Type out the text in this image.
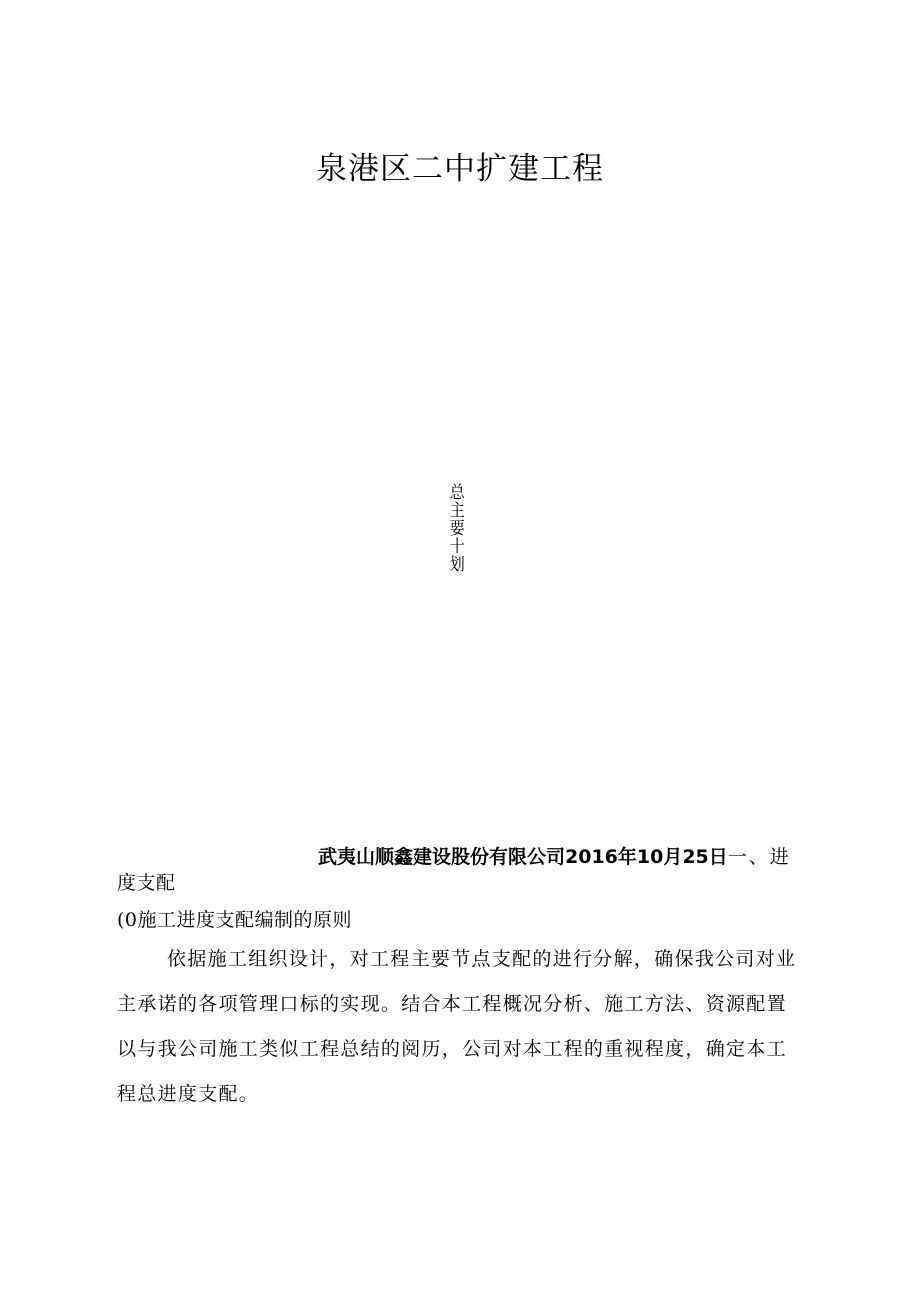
泉港区二中扩建工程
总主要十划
武夷山顺鑫建设股份有限公司2016年10月25日一、进
度支配
(0施工进度支配编制的原则
依据施工组织设计，对工程主要节点支配的进行分解，确保我公司对业
主承诺的各项管理口标的实现。结合本工程概况分析、施工方法、资源配置
以与我公司施工类似工程总结的阅历，公司对本工程的重视程度，确定本工
程总进度支配。
